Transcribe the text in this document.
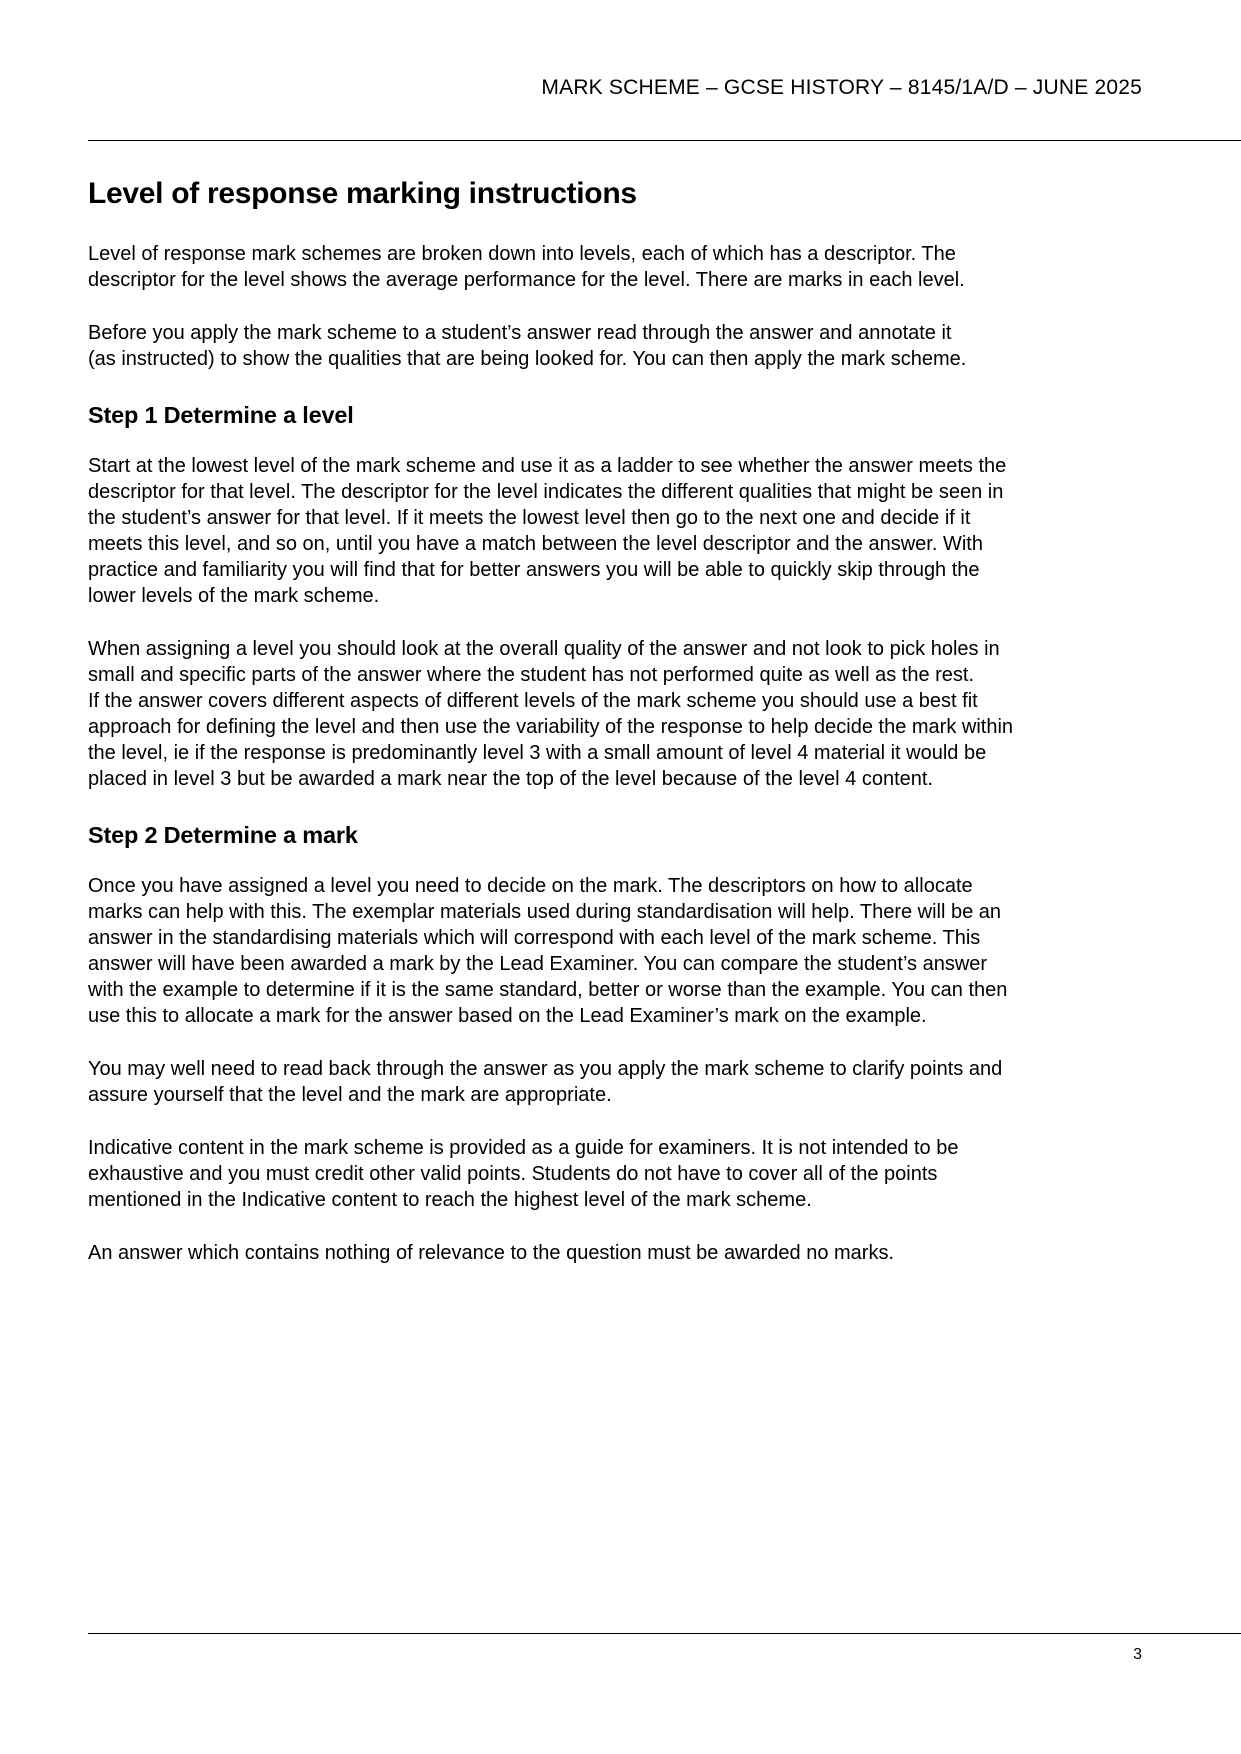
MARK SCHEME – GCSE HISTORY – 8145/1A/D – JUNE 2025
Level of response marking instructions

Level of response mark schemes are broken down into levels, each of which has a descriptor. The
descriptor for the level shows the average performance for the level. There are marks in each level.

Before you apply the mark scheme to a student’s answer read through the answer and annotate it
(as instructed) to show the qualities that are being looked for. You can then apply the mark scheme.

Step 1 Determine a level

Start at the lowest level of the mark scheme and use it as a ladder to see whether the answer meets the
descriptor for that level. The descriptor for the level indicates the different qualities that might be seen in
the student’s answer for that level. If it meets the lowest level then go to the next one and decide if it
meets this level, and so on, until you have a match between the level descriptor and the answer. With
practice and familiarity you will find that for better answers you will be able to quickly skip through the
lower levels of the mark scheme.

When assigning a level you should look at the overall quality of the answer and not look to pick holes in
small and specific parts of the answer where the student has not performed quite as well as the rest.
If the answer covers different aspects of different levels of the mark scheme you should use a best fit
approach for defining the level and then use the variability of the response to help decide the mark within
the level, ie if the response is predominantly level 3 with a small amount of level 4 material it would be
placed in level 3 but be awarded a mark near the top of the level because of the level 4 content.

Step 2 Determine a mark

Once you have assigned a level you need to decide on the mark. The descriptors on how to allocate
marks can help with this. The exemplar materials used during standardisation will help. There will be an
answer in the standardising materials which will correspond with each level of the mark scheme. This
answer will have been awarded a mark by the Lead Examiner. You can compare the student’s answer
with the example to determine if it is the same standard, better or worse than the example. You can then
use this to allocate a mark for the answer based on the Lead Examiner’s mark on the example.

You may well need to read back through the answer as you apply the mark scheme to clarify points and
assure yourself that the level and the mark are appropriate.

Indicative content in the mark scheme is provided as a guide for examiners. It is not intended to be
exhaustive and you must credit other valid points. Students do not have to cover all of the points
mentioned in the Indicative content to reach the highest level of the mark scheme.

An answer which contains nothing of relevance to the question must be awarded no marks.

3
